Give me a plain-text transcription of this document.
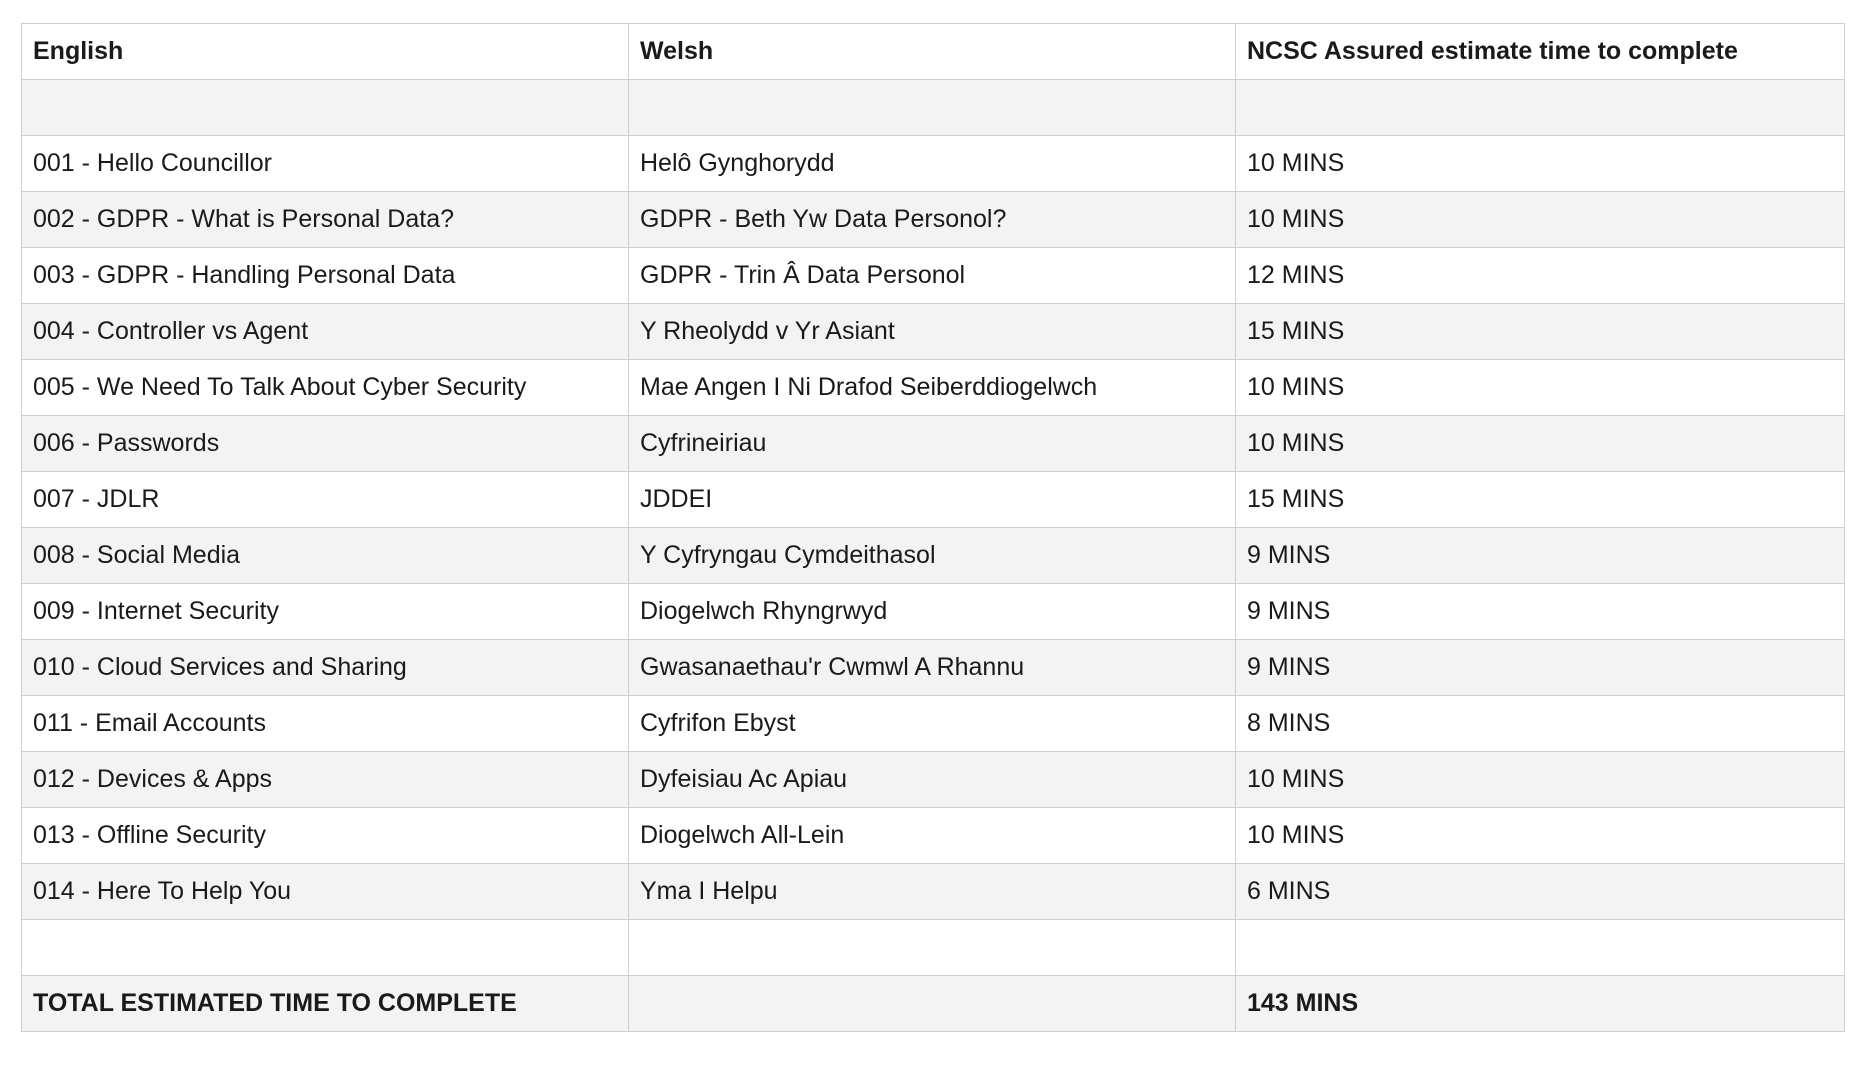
English	Welsh	NCSC Assured estimate time to complete

001 - Hello Councillor	Helô Gynghorydd	10 MINS
002 - GDPR - What is Personal Data?	GDPR - Beth Yw Data Personol?	10 MINS
003 - GDPR - Handling Personal Data	GDPR - Trin Â Data Personol	12 MINS
004 - Controller vs Agent	Y Rheolydd v Yr Asiant	15 MINS
005 - We Need To Talk About Cyber Security	Mae Angen I Ni Drafod Seiberddiogelwch	10 MINS
006 - Passwords	Cyfrineiriau	10 MINS
007 - JDLR	JDDEI	15 MINS
008 - Social Media	Y Cyfryngau Cymdeithasol	9 MINS
009 - Internet Security	Diogelwch Rhyngrwyd	9 MINS
010 - Cloud Services and Sharing	Gwasanaethau'r Cwmwl A Rhannu	9 MINS
011 - Email Accounts	Cyfrifon Ebyst	8 MINS
012 - Devices & Apps	Dyfeisiau Ac Apiau	10 MINS
013 - Offline Security	Diogelwch All-Lein	10 MINS
014 - Here To Help You	Yma I Helpu	6 MINS

TOTAL ESTIMATED TIME TO COMPLETE		143 MINS
